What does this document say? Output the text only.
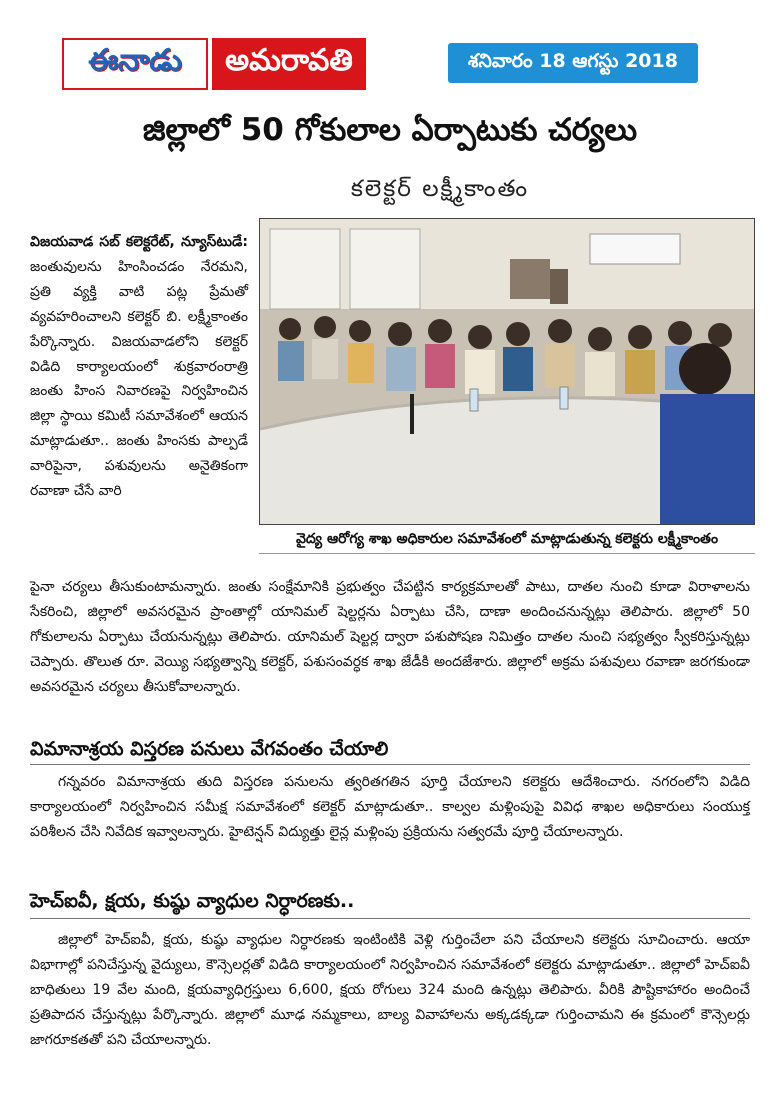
ఈనాడు	అమరావతి	శనివారం 18 ఆగస్టు 2018
జిల్లాలో 50 గోకులాల ఏర్పాటుకు చర్యలు
కలెక్టర్ లక్ష్మీకాంతం
విజయవాడ సబ్ కలెక్టరేట్, న్యూస్‌టుడే: జంతువులను హింసించడం నేరమని, ప్రతి వ్యక్తి వాటి పట్ల ప్రేమతో వ్యవహరించాలని కలెక్టర్ బి. లక్ష్మీకాంతం పేర్కొన్నారు. విజయవాడలోని కలెక్టర్ విడిది కార్యాలయంలో శుక్రవారంరాత్రి జంతు హింస నివారణపై నిర్వహించిన జిల్లా స్థాయి కమిటీ సమావేశంలో ఆయన మాట్లాడుతూ.. జంతు హింసకు పాల్పడే వారిపైనా, పశువులను అనైతికంగా రవాణా చేసే వారి
వైద్య ఆరోగ్య శాఖ అధికారుల సమావేశంలో మాట్లాడుతున్న కలెక్టరు లక్ష్మీకాంతం
పైనా చర్యలు తీసుకుంటామన్నారు. జంతు సంక్షేమానికి ప్రభుత్వం చేపట్టిన కార్యక్రమాలతో పాటు, దాతల నుంచి కూడా విరాళాలను సేకరించి, జిల్లాలో అవసరమైన ప్రాంతాల్లో యానిమల్ షెల్టర్లను ఏర్పాటు చేసి, దాణా అందించనున్నట్లు తెలిపారు. జిల్లాలో 50 గోకులాలను ఏర్పాటు చేయనున్నట్లు తెలిపారు. యానిమల్ షెల్టర్ల ద్వారా పశుపోషణ నిమిత్తం దాతల నుంచి సభ్యత్వం స్వీకరిస్తున్నట్లు చెప్పారు. తొలుత రూ. వెయ్యి సభ్యత్వాన్ని కలెక్టర్, పశుసంవర్ధక శాఖ జేడీకి అందజేశారు. జిల్లాలో అక్రమ పశువులు రవాణా జరగకుండా అవసరమైన చర్యలు తీసుకోవాలన్నారు.
విమానాశ్రయ విస్తరణ పనులు వేగవంతం చేయాలి
గన్నవరం విమానాశ్రయ తుది విస్తరణ పనులను త్వరితగతిన పూర్తి చేయాలని కలెక్టరు ఆదేశించారు. నగరంలోని విడిది కార్యాలయంలో నిర్వహించిన సమీక్ష సమావేశంలో కలెక్టర్ మాట్లాడుతూ.. కాల్వల మళ్లింపుపై వివిధ శాఖల అధికారులు సంయుక్త పరిశీలన చేసి నివేదిక ఇవ్వాలన్నారు. హైటెన్షన్ విద్యుత్తు లైన్ల మళ్లింపు ప్రక్రియను సత్వరమే పూర్తి చేయాలన్నారు.
హెచ్ఐవీ, క్షయ, కుష్ఠు వ్యాధుల నిర్ధారణకు..
జిల్లాలో హెచ్ఐవీ, క్షయ, కుష్ఠు వ్యాధుల నిర్ధారణకు ఇంటింటికి వెళ్లి గుర్తించేలా పని చేయాలని కలెక్టరు సూచించారు. ఆయా విభాగాల్లో పనిచేస్తున్న వైద్యులు, కౌన్సెలర్లతో విడిది కార్యాలయంలో నిర్వహించిన సమావేశంలో కలెక్టరు మాట్లాడుతూ.. జిల్లాలో హెచ్ఐవీ బాధితులు 19 వేల మంది, క్షయవ్యాధిగ్రస్తులు 6,600, క్షయ రోగులు 324 మంది ఉన్నట్లు తెలిపారు. వీరికి పౌష్టికాహారం అందించే ప్రతిపాదన చేస్తున్నట్లు పేర్కొన్నారు. జిల్లాలో మూఢ నమ్మకాలు, బాల్య వివాహాలను అక్కడక్కడా గుర్తించామని ఈ క్రమంలో కౌన్సెలర్లు జాగరూకతతో పని చేయాలన్నారు.
